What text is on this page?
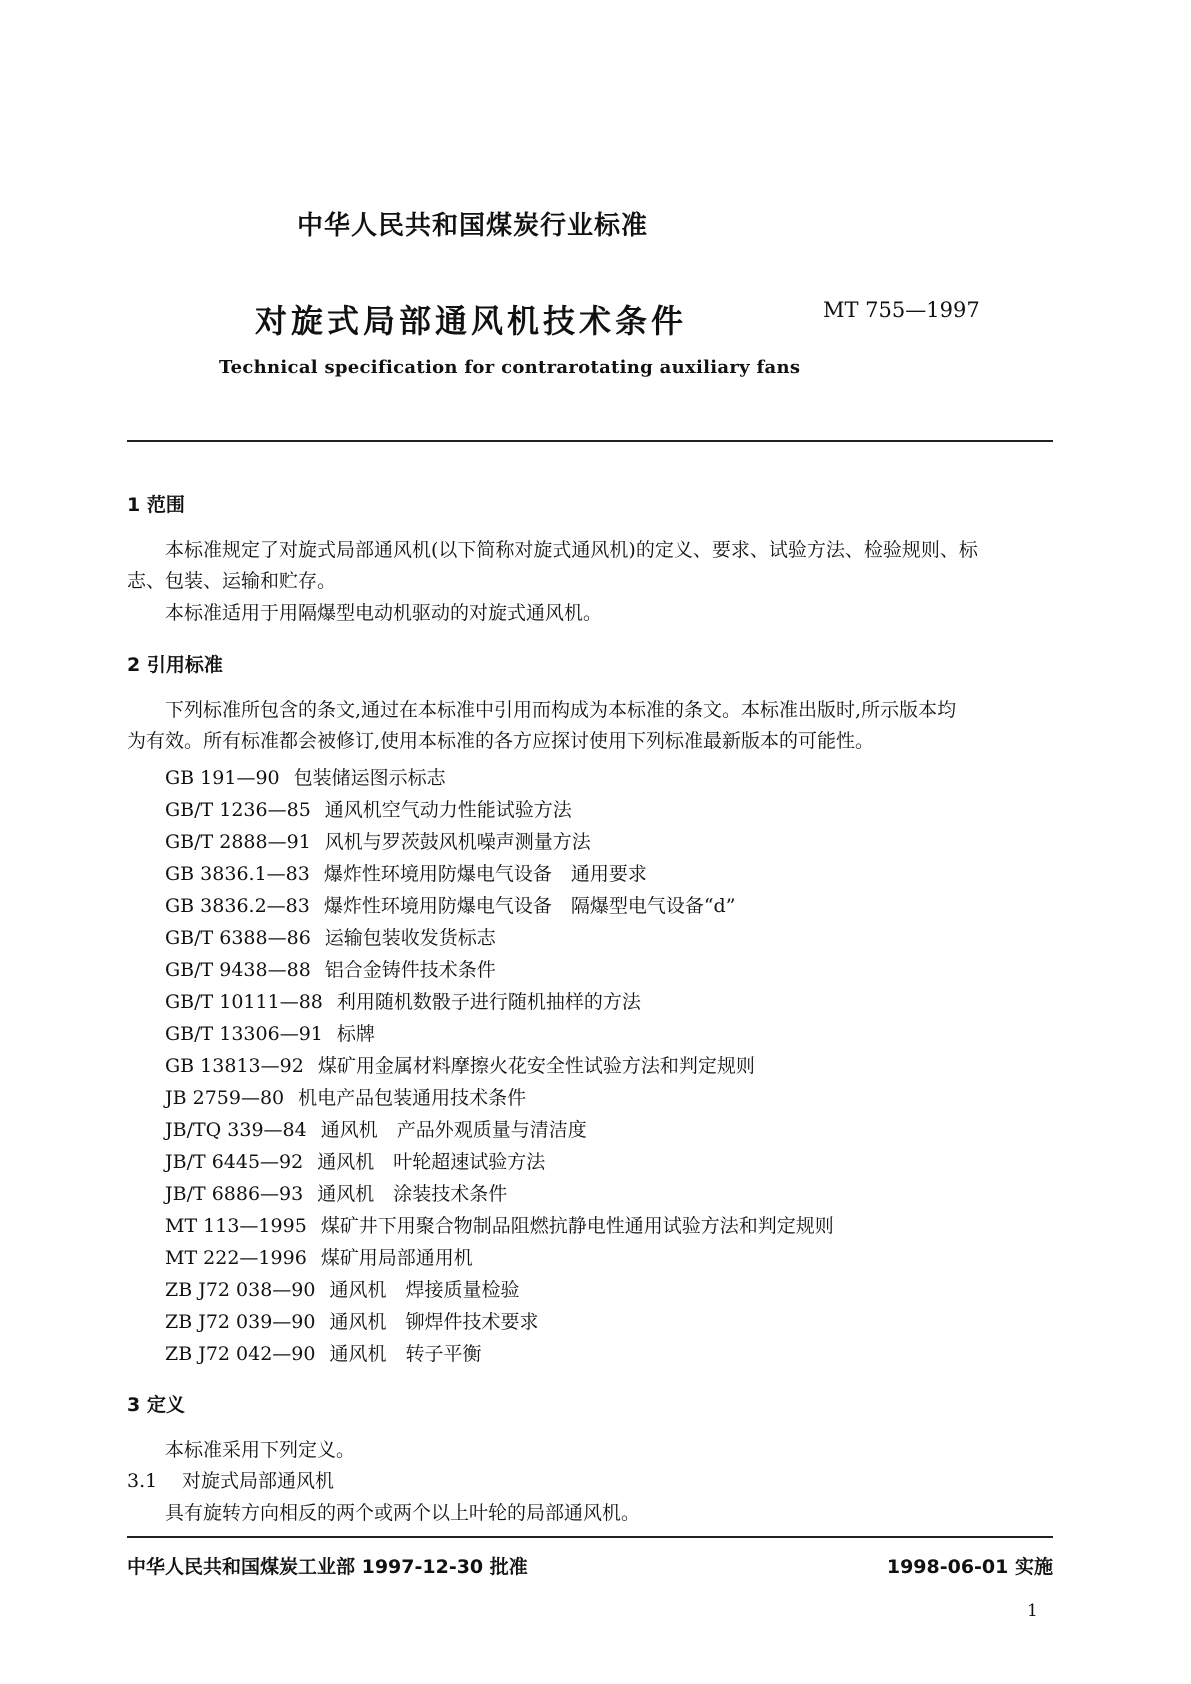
中华人民共和国煤炭行业标准
对旋式局部通风机技术条件	MT 755—1997
Technical specification for contrarotating auxiliary fans
1 范围
本标准规定了对旋式局部通风机(以下简称对旋式通风机)的定义、要求、试验方法、检验规则、标
志、包装、运输和贮存。
本标准适用于用隔爆型电动机驱动的对旋式通风机。
2 引用标准
下列标准所包含的条文,通过在本标准中引用而构成为本标准的条文。本标准出版时,所示版本均
为有效。所有标准都会被修订,使用本标准的各方应探讨使用下列标准最新版本的可能性。
GB 191—90 包装储运图示标志
GB/T 1236—85 通风机空气动力性能试验方法
GB/T 2888—91 风机与罗茨鼓风机噪声测量方法
GB 3836.1—83 爆炸性环境用防爆电气设备　通用要求
GB 3836.2—83 爆炸性环境用防爆电气设备　隔爆型电气设备“d”
GB/T 6388—86 运输包装收发货标志
GB/T 9438—88 铝合金铸件技术条件
GB/T 10111—88 利用随机数骰子进行随机抽样的方法
GB/T 13306—91 标牌
GB 13813—92 煤矿用金属材料摩擦火花安全性试验方法和判定规则
JB 2759—80 机电产品包装通用技术条件
JB/TQ 339—84 通风机　产品外观质量与清洁度
JB/T 6445—92 通风机　叶轮超速试验方法
JB/T 6886—93 通风机　涂装技术条件
MT 113—1995 煤矿井下用聚合物制品阻燃抗静电性通用试验方法和判定规则
MT 222—1996 煤矿用局部通用机
ZB J72 038—90 通风机　焊接质量检验
ZB J72 039—90 通风机　铆焊件技术要求
ZB J72 042—90 通风机　转子平衡
3 定义
本标准采用下列定义。
3.1 对旋式局部通风机
具有旋转方向相反的两个或两个以上叶轮的局部通风机。
中华人民共和国煤炭工业部 1997-12-30 批准	1998-06-01 实施
1
